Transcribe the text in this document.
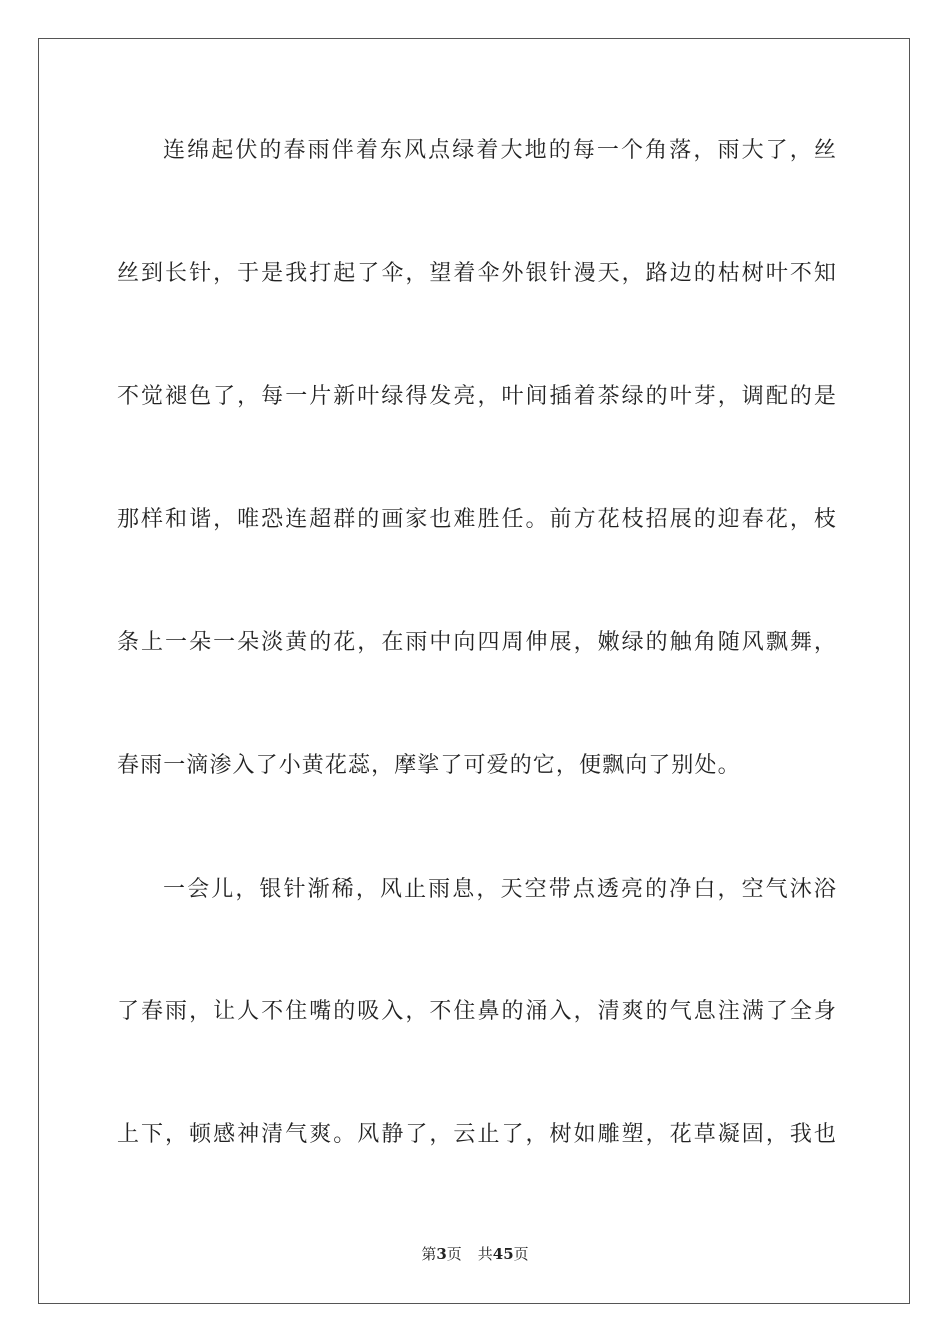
连绵起伏的春雨伴着东风点绿着大地的每一个角落，雨大了，丝
丝到长针，于是我打起了伞，望着伞外银针漫天，路边的枯树叶不知
不觉褪色了，每一片新叶绿得发亮，叶间插着茶绿的叶芽，调配的是
那样和谐，唯恐连超群的画家也难胜任。前方花枝招展的迎春花，枝
条上一朵一朵淡黄的花，在雨中向四周伸展，嫩绿的触角随风飘舞，
春雨一滴渗入了小黄花蕊，摩挲了可爱的它，便飘向了别处。
一会儿，银针渐稀，风止雨息，天空带点透亮的净白，空气沐浴
了春雨，让人不住嘴的吸入，不住鼻的涌入，清爽的气息注满了全身
上下，顿感神清气爽。风静了，云止了，树如雕塑，花草凝固，我也
第3页 共45页
